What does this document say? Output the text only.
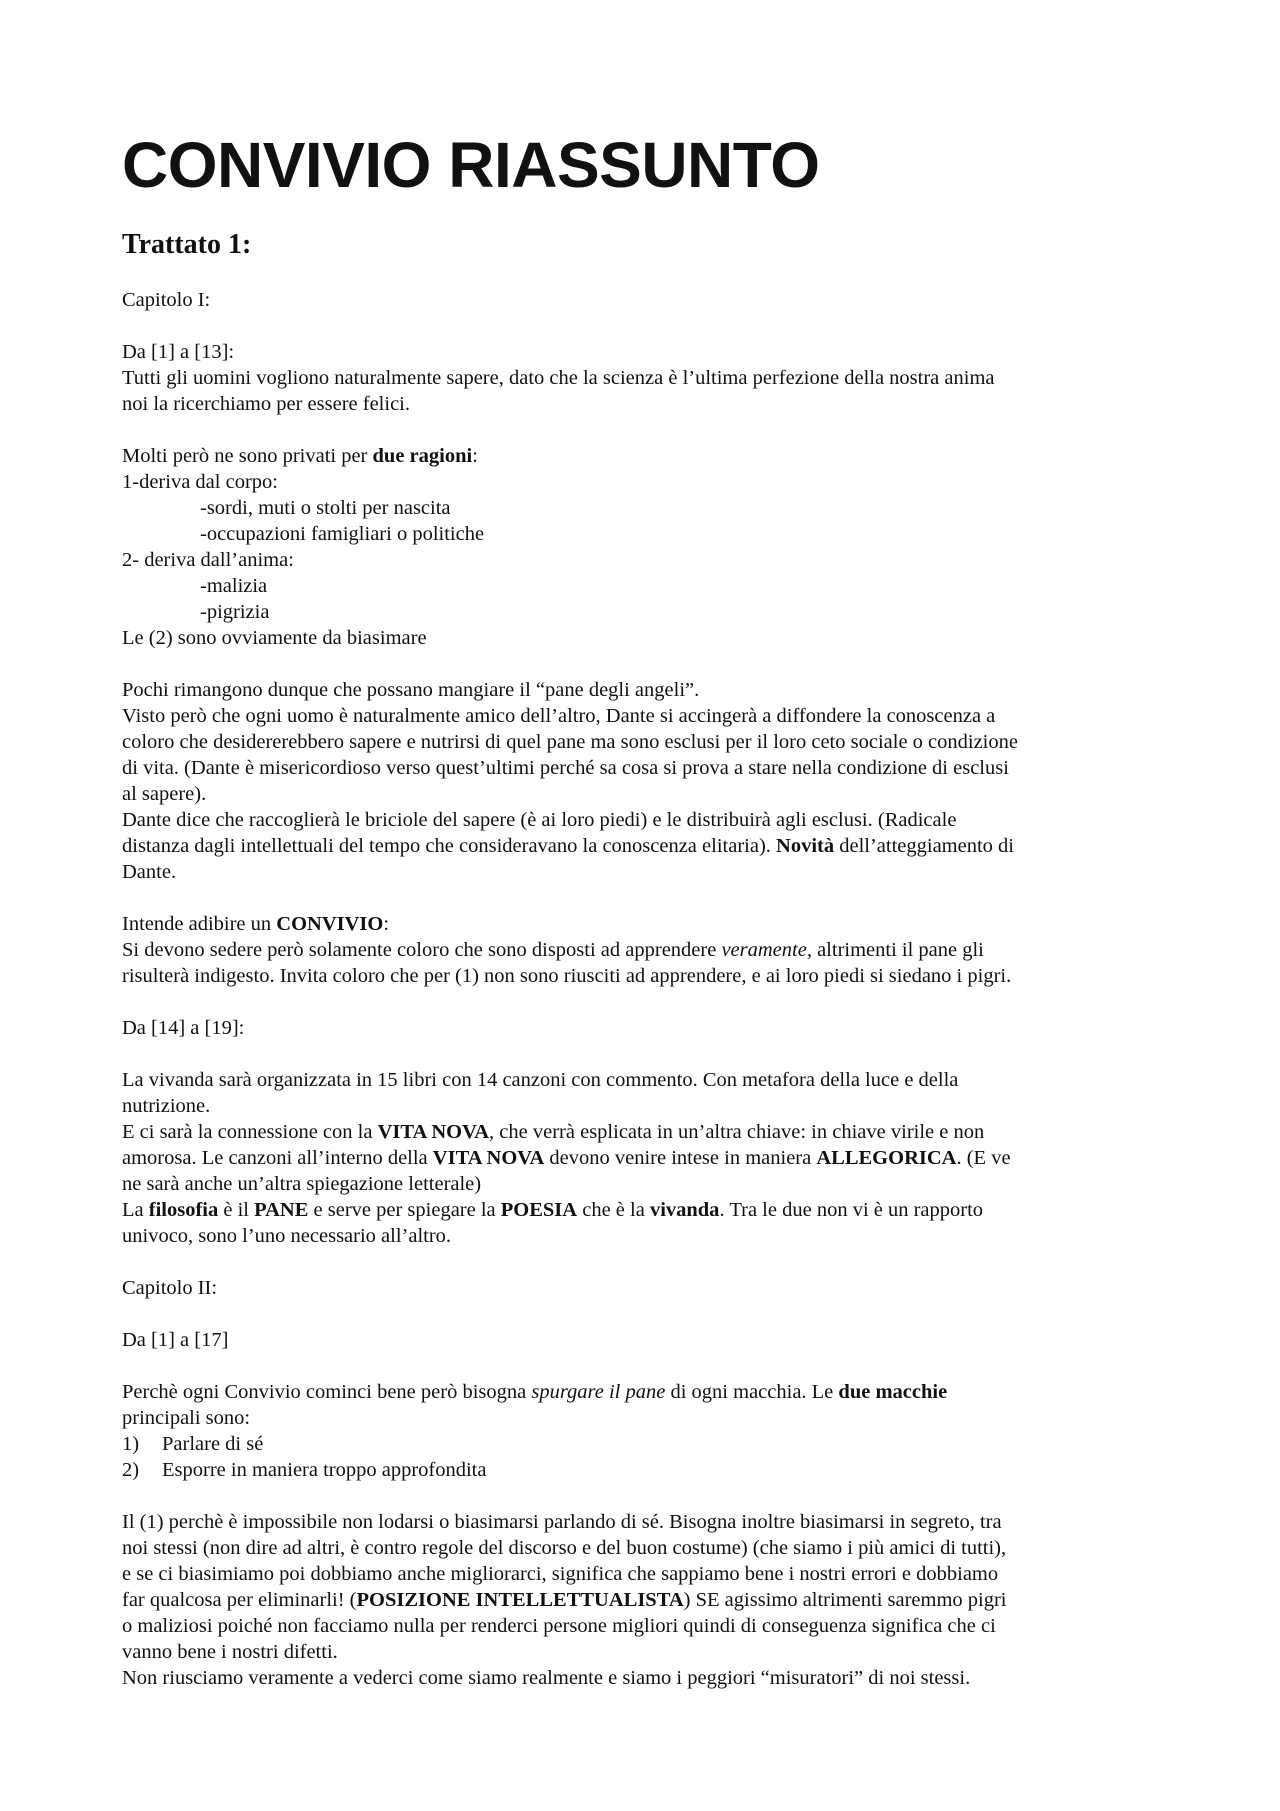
CONVIVIO RIASSUNTO
Trattato 1:

Capitolo I:

Da [1] a [13]:

Tutti gli uomini vogliono naturalmente sapere, dato che la scienza è l’ultima perfezione della nostra anima

noi la ricerchiamo per essere felici.

Molti però ne sono privati per due ragioni:

1-deriva dal corpo:

-sordi, muti o stolti per nascita

-occupazioni famigliari o politiche

2- deriva dall’anima:

-malizia

-pigrizia

Le (2) sono ovviamente da biasimare

Pochi rimangono dunque che possano mangiare il “pane degli angeli”.

Visto però che ogni uomo è naturalmente amico dell’altro, Dante si accingerà a diffondere la conoscenza a

coloro che desidererebbero sapere e nutrirsi di quel pane ma sono esclusi per il loro ceto sociale o condizione

di vita. (Dante è misericordioso verso quest’ultimi perché sa cosa si prova a stare nella condizione di esclusi

al sapere).

Dante dice che raccoglierà le briciole del sapere (è ai loro piedi) e le distribuirà agli esclusi. (Radicale

distanza dagli intellettuali del tempo che consideravano la conoscenza elitaria). Novità dell’atteggiamento di

Dante.

Intende adibire un CONVIVIO:

Si devono sedere però solamente coloro che sono disposti ad apprendere veramente, altrimenti il pane gli

risulterà indigesto. Invita coloro che per (1) non sono riusciti ad apprendere, e ai loro piedi si siedano i pigri.

Da [14] a [19]:

La vivanda sarà organizzata in 15 libri con 14 canzoni con commento. Con metafora della luce e della

nutrizione.

E ci sarà la connessione con la VITA NOVA, che verrà esplicata in un’altra chiave: in chiave virile e non

amorosa. Le canzoni all’interno della VITA NOVA devono venire intese in maniera ALLEGORICA. (E ve

ne sarà anche un’altra spiegazione letterale)

La filosofia è il PANE e serve per spiegare la POESIA che è la vivanda. Tra le due non vi è un rapporto

univoco, sono l’uno necessario all’altro.

Capitolo II:

Da [1] a [17]

Perchè ogni Convivio cominci bene però bisogna spurgare il pane di ogni macchia. Le due macchie

principali sono:

1) Parlare di sé

2) Esporre in maniera troppo approfondita

Il (1) perchè è impossibile non lodarsi o biasimarsi parlando di sé. Bisogna inoltre biasimarsi in segreto, tra

noi stessi (non dire ad altri, è contro regole del discorso e del buon costume) (che siamo i più amici di tutti),

e se ci biasimiamo poi dobbiamo anche migliorarci, significa che sappiamo bene i nostri errori e dobbiamo

far qualcosa per eliminarli! (POSIZIONE INTELLETTUALISTA) SE agissimo altrimenti saremmo pigri

o maliziosi poiché non facciamo nulla per renderci persone migliori quindi di conseguenza significa che ci

vanno bene i nostri difetti.

Non riusciamo veramente a vederci come siamo realmente e siamo i peggiori “misuratori” di noi stessi.
